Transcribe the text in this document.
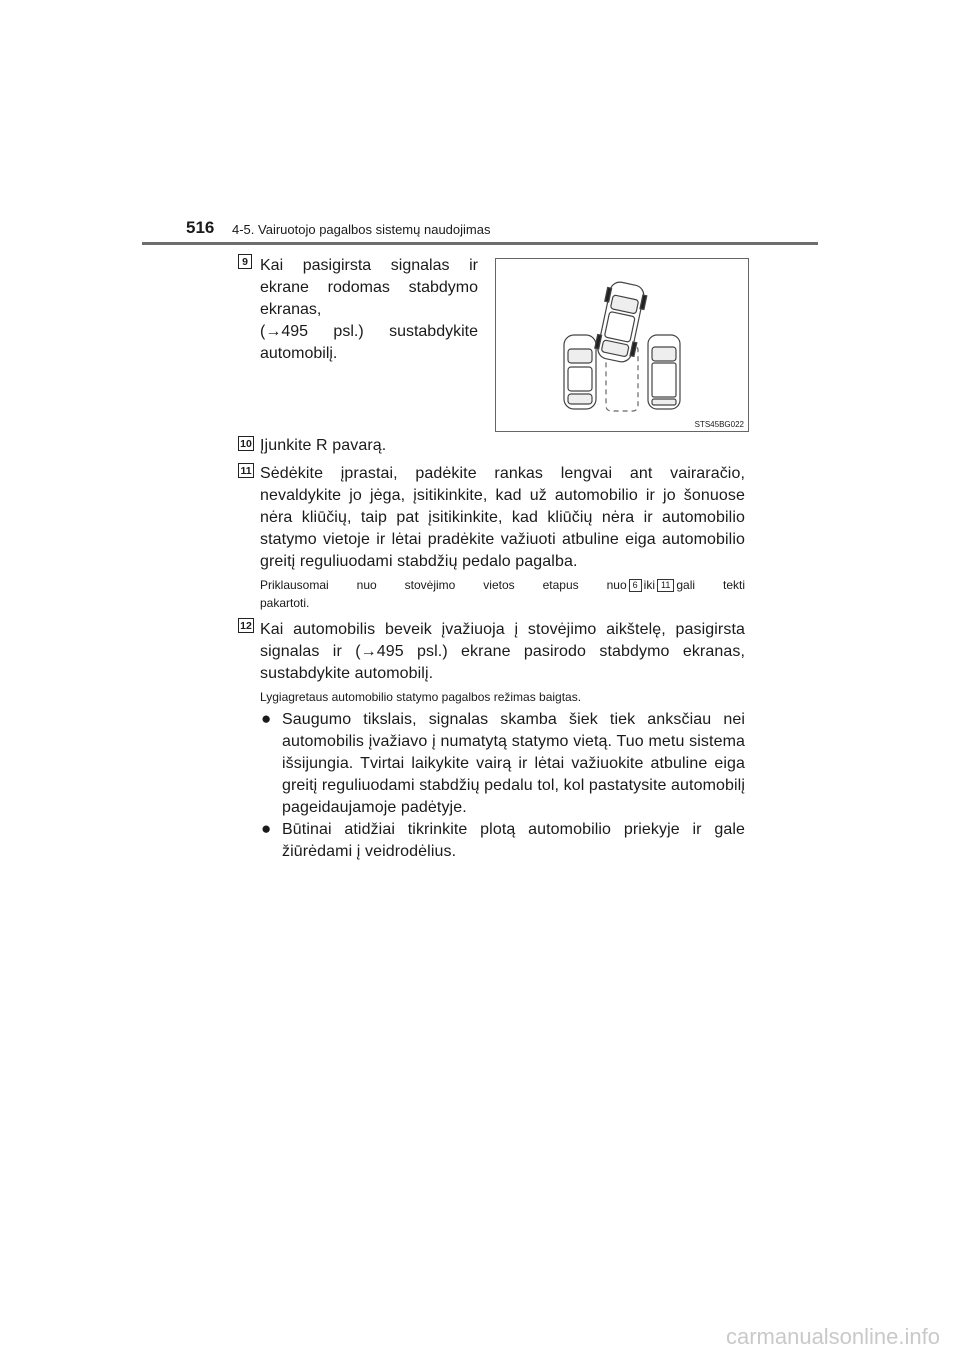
516 4-5. Vairuotojo pagalbos sistemų naudojimas
9 Kai pasigirsta signalas ir
ekrane rodomas stabdymo
ekranas,
(→495 psl.) sustabdykite
automobilį.
STS45BG022
10 Įjunkite R pavarą.
11 Sėdėkite įprastai, padėkite rankas lengvai ant vairaračio, nevaldykite jo jėga, įsitikinkite, kad už automobilio ir jo šonuose nėra kliūčių, taip pat įsitikinkite, kad kliūčių nėra ir automobilio statymo vietoje ir lėtai pradėkite važiuoti atbuline eiga automobilio greitį reguliuodami stabdžių pedalo pagalba.
Priklausomai nuo stovėjimo vietos etapus nuo 6 iki 11 gali tekti
pakartoti.
12 Kai automobilis beveik įvažiuoja į stovėjimo aikštelę, pasigirsta signalas ir (→495 psl.) ekrane pasirodo stabdymo ekranas, sustabdykite automobilį.
Lygiagretaus automobilio statymo pagalbos režimas baigtas.
● Saugumo tikslais, signalas skamba šiek tiek anksčiau nei automobilis įvažiavo į numatytą statymo vietą. Tuo metu sistema išsijungia. Tvirtai laikykite vairą ir lėtai važiuokite atbuline eiga greitį reguliuodami stabdžių pedalu tol, kol pastatysite automobilį pageidaujamoje padėtyje.
● Būtinai atidžiai tikrinkite plotą automobilio priekyje ir gale žiūrėdami į veidrodėlius.
carmanualsonline.info
